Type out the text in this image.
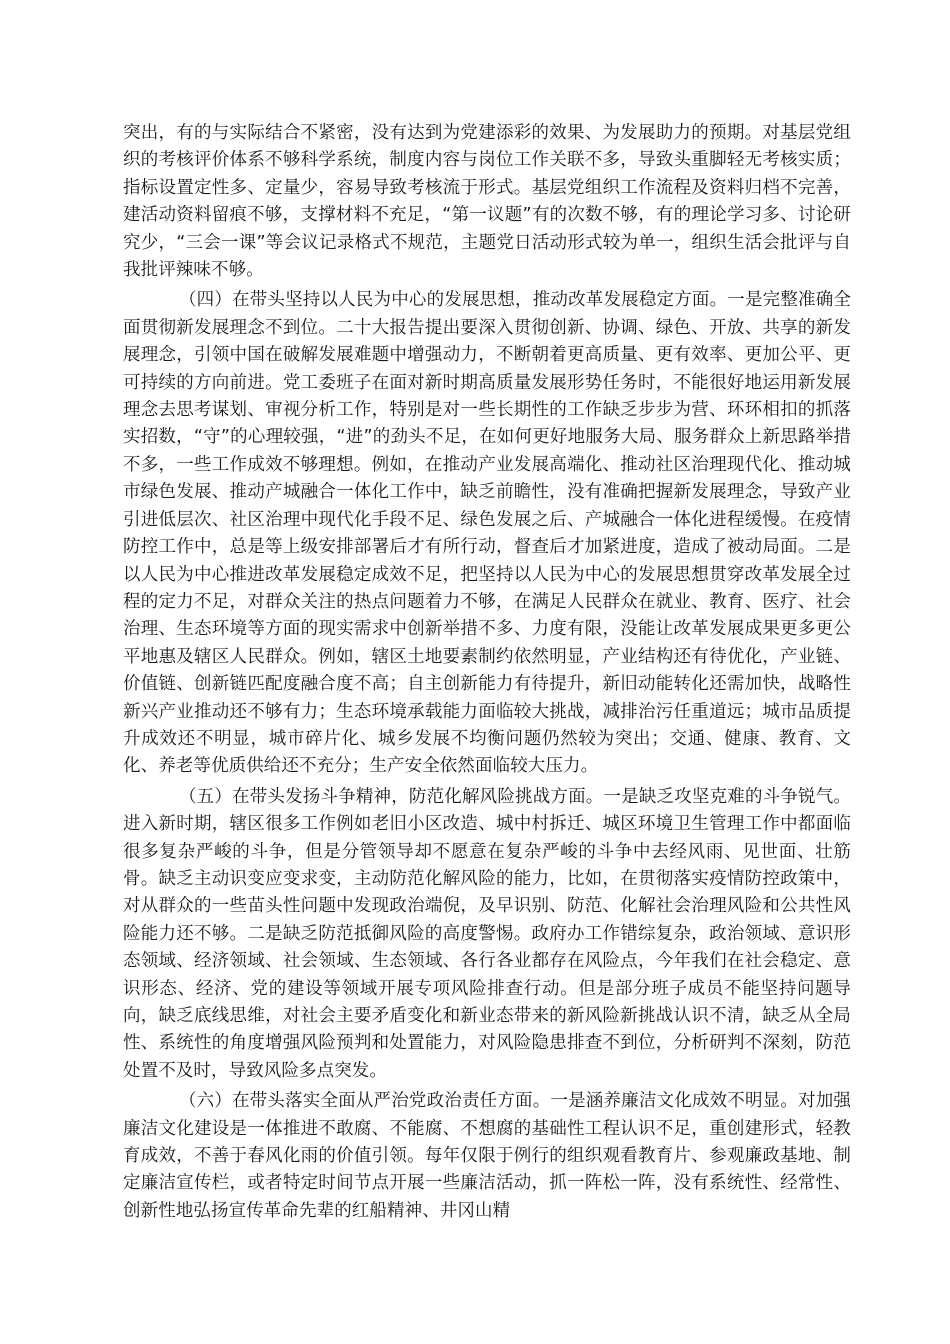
突出，有的与实际结合不紧密，没有达到为党建添彩的效果、为发展助力的预期。对基层党组织的考核评价体系不够科学系统，制度内容与岗位工作关联不多，导致头重脚轻无考核实质；指标设置定性多、定量少，容易导致考核流于形式。基层党组织工作流程及资料归档不完善，建活动资料留痕不够，支撑材料不充足，“第一议题”有的次数不够，有的理论学习多、讨论研究少，“三会一课”等会议记录格式不规范，主题党日活动形式较为单一，组织生活会批评与自我批评辣味不够。

（四）在带头坚持以人民为中心的发展思想，推动改革发展稳定方面。一是完整准确全面贯彻新发展理念不到位。二十大报告提出要深入贯彻创新、协调、绿色、开放、共享的新发展理念，引领中国在破解发展难题中增强动力，不断朝着更高质量、更有效率、更加公平、更可持续的方向前进。党工委班子在面对新时期高质量发展形势任务时，不能很好地运用新发展理念去思考谋划、审视分析工作，特别是对一些长期性的工作缺乏步步为营、环环相扣的抓落实招数，“守”的心理较强，“进”的劲头不足，在如何更好地服务大局、服务群众上新思路举措不多，一些工作成效不够理想。例如，在推动产业发展高端化、推动社区治理现代化、推动城市绿色发展、推动产城融合一体化工作中，缺乏前瞻性，没有准确把握新发展理念，导致产业引进低层次、社区治理中现代化手段不足、绿色发展之后、产城融合一体化进程缓慢。在疫情防控工作中，总是等上级安排部署后才有所行动，督查后才加紧进度，造成了被动局面。二是以人民为中心推进改革发展稳定成效不足，把坚持以人民为中心的发展思想贯穿改革发展全过程的定力不足，对群众关注的热点问题着力不够，在满足人民群众在就业、教育、医疗、社会治理、生态环境等方面的现实需求中创新举措不多、力度有限，没能让改革发展成果更多更公平地惠及辖区人民群众。例如，辖区土地要素制约依然明显，产业结构还有待优化，产业链、价值链、创新链匹配度融合度不高；自主创新能力有待提升，新旧动能转化还需加快，战略性新兴产业推动还不够有力；生态环境承载能力面临较大挑战，减排治污任重道远；城市品质提升成效还不明显，城市碎片化、城乡发展不均衡问题仍然较为突出；交通、健康、教育、文化、养老等优质供给还不充分；生产安全依然面临较大压力。

（五）在带头发扬斗争精神，防范化解风险挑战方面。一是缺乏攻坚克难的斗争锐气。进入新时期，辖区很多工作例如老旧小区改造、城中村拆迁、城区环境卫生管理工作中都面临很多复杂严峻的斗争，但是分管领导却不愿意在复杂严峻的斗争中去经风雨、见世面、壮筋骨。缺乏主动识变应变求变，主动防范化解风险的能力，比如，在贯彻落实疫情防控政策中，对从群众的一些苗头性问题中发现政治端倪，及早识别、防范、化解社会治理风险和公共性风险能力还不够。二是缺乏防范抵御风险的高度警惕。政府办工作错综复杂，政治领域、意识形态领域、经济领域、社会领域、生态领域、各行各业都存在风险点，今年我们在社会稳定、意识形态、经济、党的建设等领域开展专项风险排查行动。但是部分班子成员不能坚持问题导向，缺乏底线思维，对社会主要矛盾变化和新业态带来的新风险新挑战认识不清，缺乏从全局性、系统性的角度增强风险预判和处置能力，对风险隐患排查不到位，分析研判不深刻，防范处置不及时，导致风险多点突发。

（六）在带头落实全面从严治党政治责任方面。一是涵养廉洁文化成效不明显。对加强廉洁文化建设是一体推进不敢腐、不能腐、不想腐的基础性工程认识不足，重创建形式，轻教育成效，不善于春风化雨的价值引领。每年仅限于例行的组织观看教育片、参观廉政基地、制定廉洁宣传栏，或者特定时间节点开展一些廉洁活动，抓一阵松一阵，没有系统性、经常性、创新性地弘扬宣传革命先辈的红船精神、井冈山精
